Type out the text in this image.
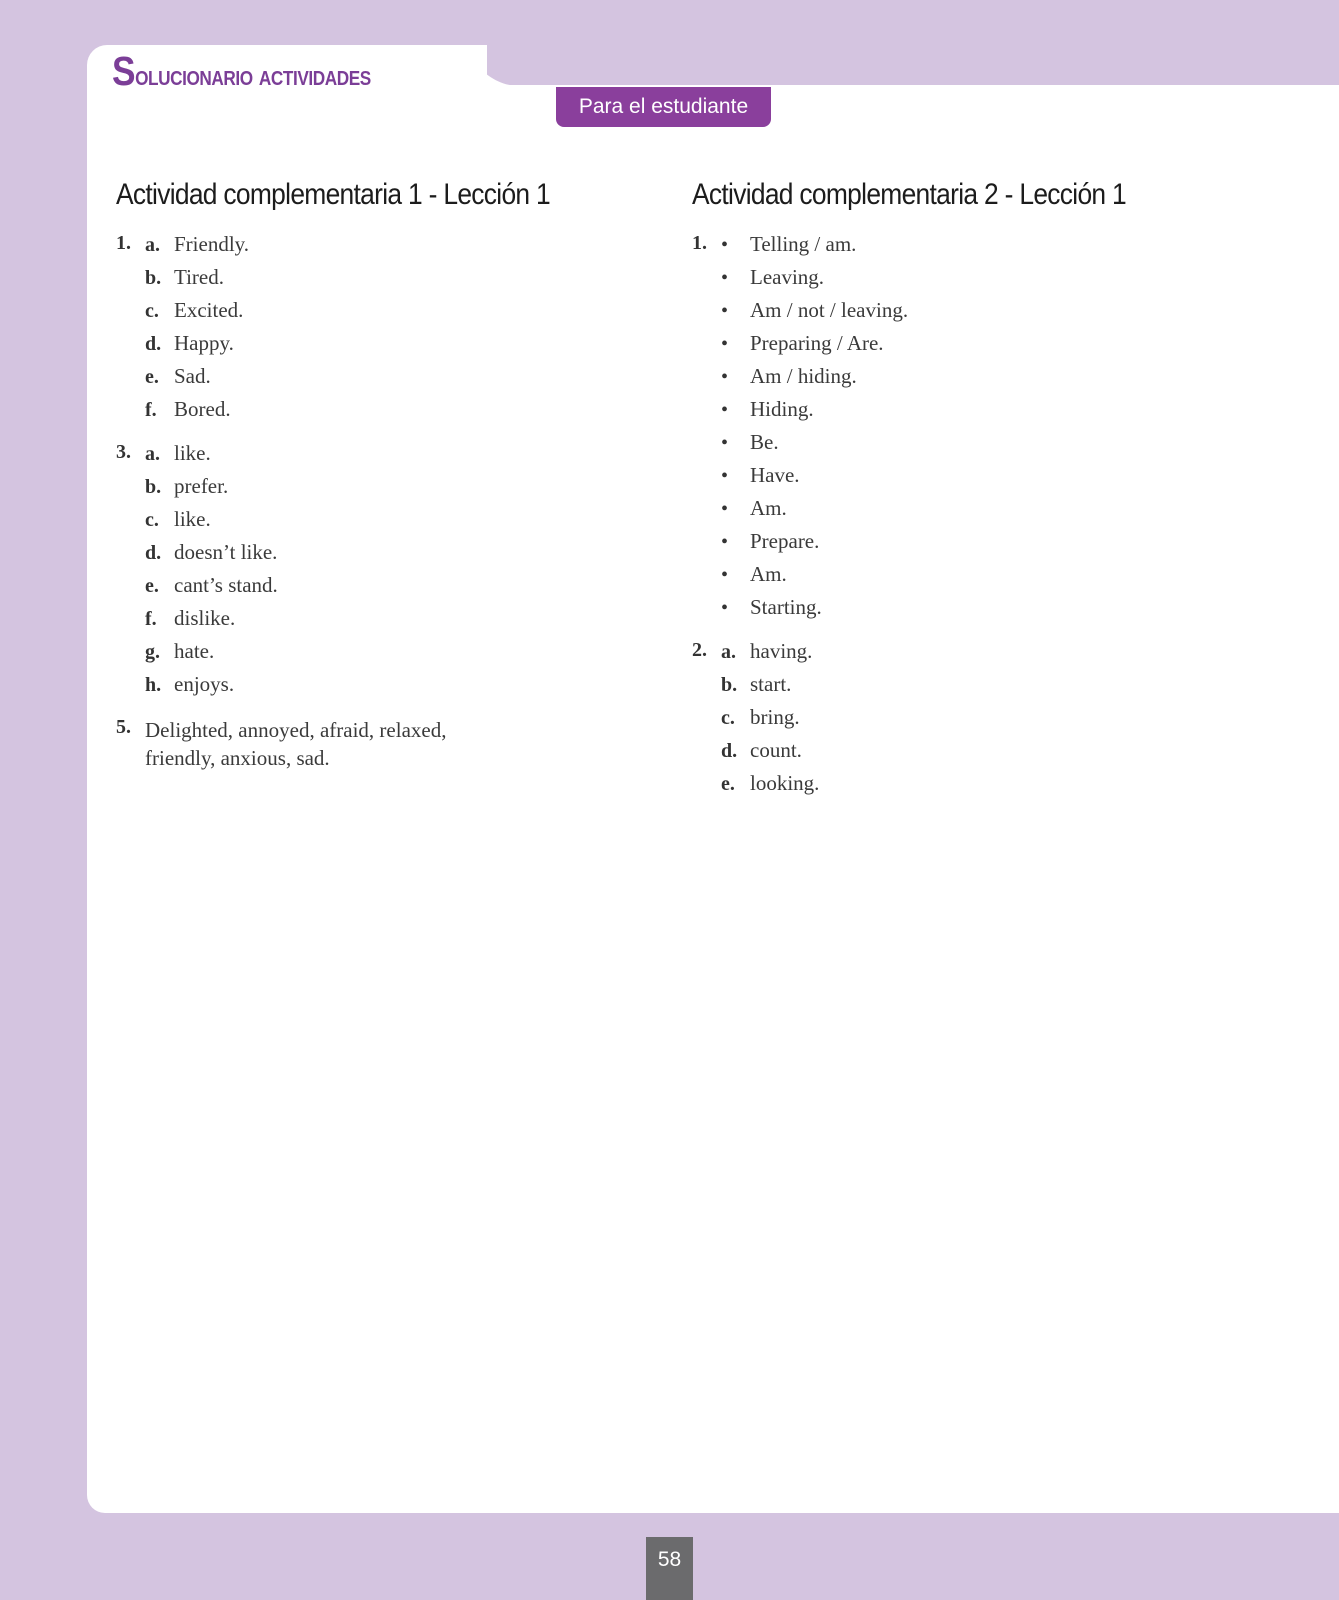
Solucionario actividades
Para el estudiante
Actividad complementaria 1 - Lección 1
1. a. Friendly.
b. Tired.
c. Excited.
d. Happy.
e. Sad.
f. Bored.
3. a. like.
b. prefer.
c. like.
d. doesn’t like.
e. cant’s stand.
f. dislike.
g. hate.
h. enjoys.
5. Delighted, annoyed, afraid, relaxed, friendly, anxious, sad.
Actividad complementaria 2 - Lección 1
1. •	Telling / am.
•	Leaving.
•	Am / not / leaving.
•	Preparing / Are.
•	Am / hiding.
•	Hiding.
•	Be.
•	Have.
•	Am.
•	Prepare.
•	Am.
•	Starting.
2. a. having.
b. start.
c. bring.
d. count.
e. looking.
58
